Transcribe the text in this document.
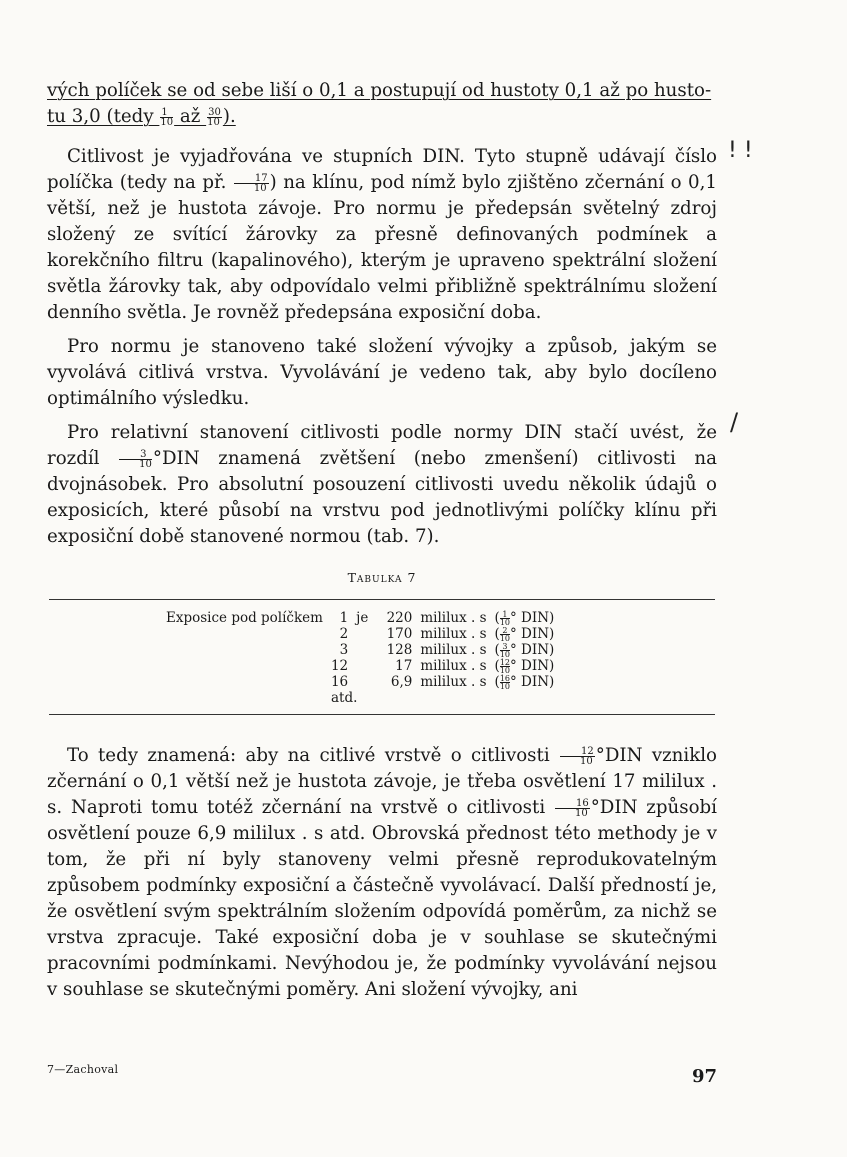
vých políček se od sebe liší o 0,1 a postupují od hustoty 0,1 až po husto-
tu 3,0 (tedy $\frac{1}{10}$ až $\frac{30}{10}$ ).

Citlivost je vyjadřována ve stupních DIN. Tyto stupně udávají číslo políčka (tedy na př. $\frac{17}{10}$ ) na klínu, pod nímž bylo zjištěno zčernání o 0,1 větší, než je hustota závoje. Pro normu je předepsán světelný zdroj složený ze svítící žárovky za přesně definovaných podmínek a korekčního filtru (kapalinového), kterým je upraveno spektrální složení světla žárovky tak, aby odpovídalo velmi přibližně spektrálnímu složení denního světla. Je rovněž předepsána exposiční doba.

Pro normu je stanoveno také složení vývojky a způsob, jakým se vyvolává citlivá vrstva. Vyvolávání je vedeno tak, aby bylo docíleno optimálního výsledku.

Pro relativní stanovení citlivosti podle normy DIN stačí uvést, že rozdíl $\frac{3}{10} ^\circ DIN$ znamená zvětšení (nebo zmenšení) citlivosti na dvojnásobek. Pro absolutní posouzení citlivosti uvedu několik údajů o exposicích, které působí na vrstvu pod jednotlivými políčky klínu při exposiční době stanovené normou (tab. 7).

Tabulka 7
Exposice pod políčkem	1	je	220	mililux . s	( $\frac{1}{10}$ ° DIN)
	2		170	mililux . s	( $\frac{2}{10}$ ° DIN)
	3		128	mililux . s	( $\frac{3}{10}$ ° DIN)
	12		17	mililux . s	( $\frac{12}{10}$ ° DIN)
	16		6,9	mililux . s	( $\frac{16}{10}$ ° DIN)
	atd.				

To tedy znamená: aby na citlivé vrstvě o citlivosti $\frac{12}{10} ^\circ DIN$ vzniklo zčernání o 0,1 větší než je hustota závoje, je třeba osvětlení 17 mililux . s. Naproti tomu totéž zčernání na vrstvě o citlivosti $\frac{16}{10} ^\circ DIN$ způsobí osvětlení pouze 6,9 mililux . s atd. Obrovská přednost této methody je v tom, že při ní byly stanoveny velmi přesně reprodukovatelným způsobem podmínky exposiční a částečně vyvolávací. Další předností je, že osvětlení svým spektrálním složením odpovídá poměrům, za nichž se vrstva zpracuje. Také exposiční doba je v souhlase se skutečnými pracovními podmínkami. Nevýhodou je, že podmínky vyvolávání nejsou v souhlase se skutečnými poměry. Ani složení vývojky, ani

! !
/
7—Zachoval	97
